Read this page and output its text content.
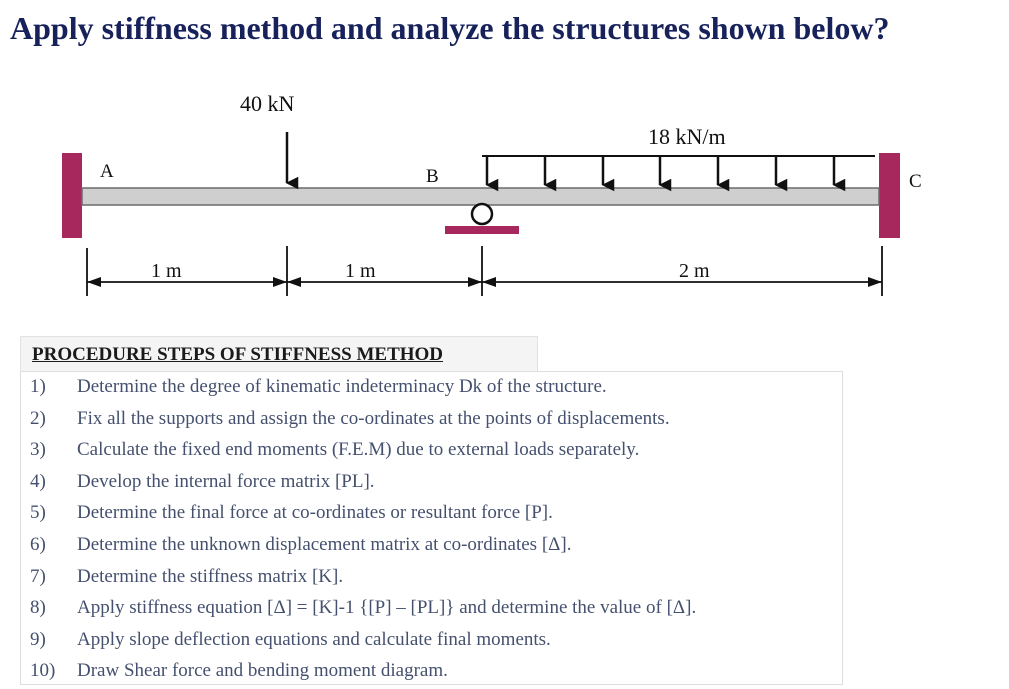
Apply stiffness method and analyze the structures shown below?
40 kN
18 kN/m
A	B	C
1 m	1 m	2 m
PROCEDURE STEPS OF STIFFNESS METHOD
1) Determine the degree of kinematic indeterminacy Dk of the structure.
2) Fix all the supports and assign the co-ordinates at the points of displacements.
3) Calculate the fixed end moments (F.E.M) due to external loads separately.
4) Develop the internal force matrix [PL].
5) Determine the final force at co-ordinates or resultant force [P].
6) Determine the unknown displacement matrix at co-ordinates [Δ].
7) Determine the stiffness matrix [K].
8) Apply stiffness equation [Δ] = [K]-1 {[P] – [PL]} and determine the value of [Δ].
9) Apply slope deflection equations and calculate final moments.
10) Draw Shear force and bending moment diagram.
